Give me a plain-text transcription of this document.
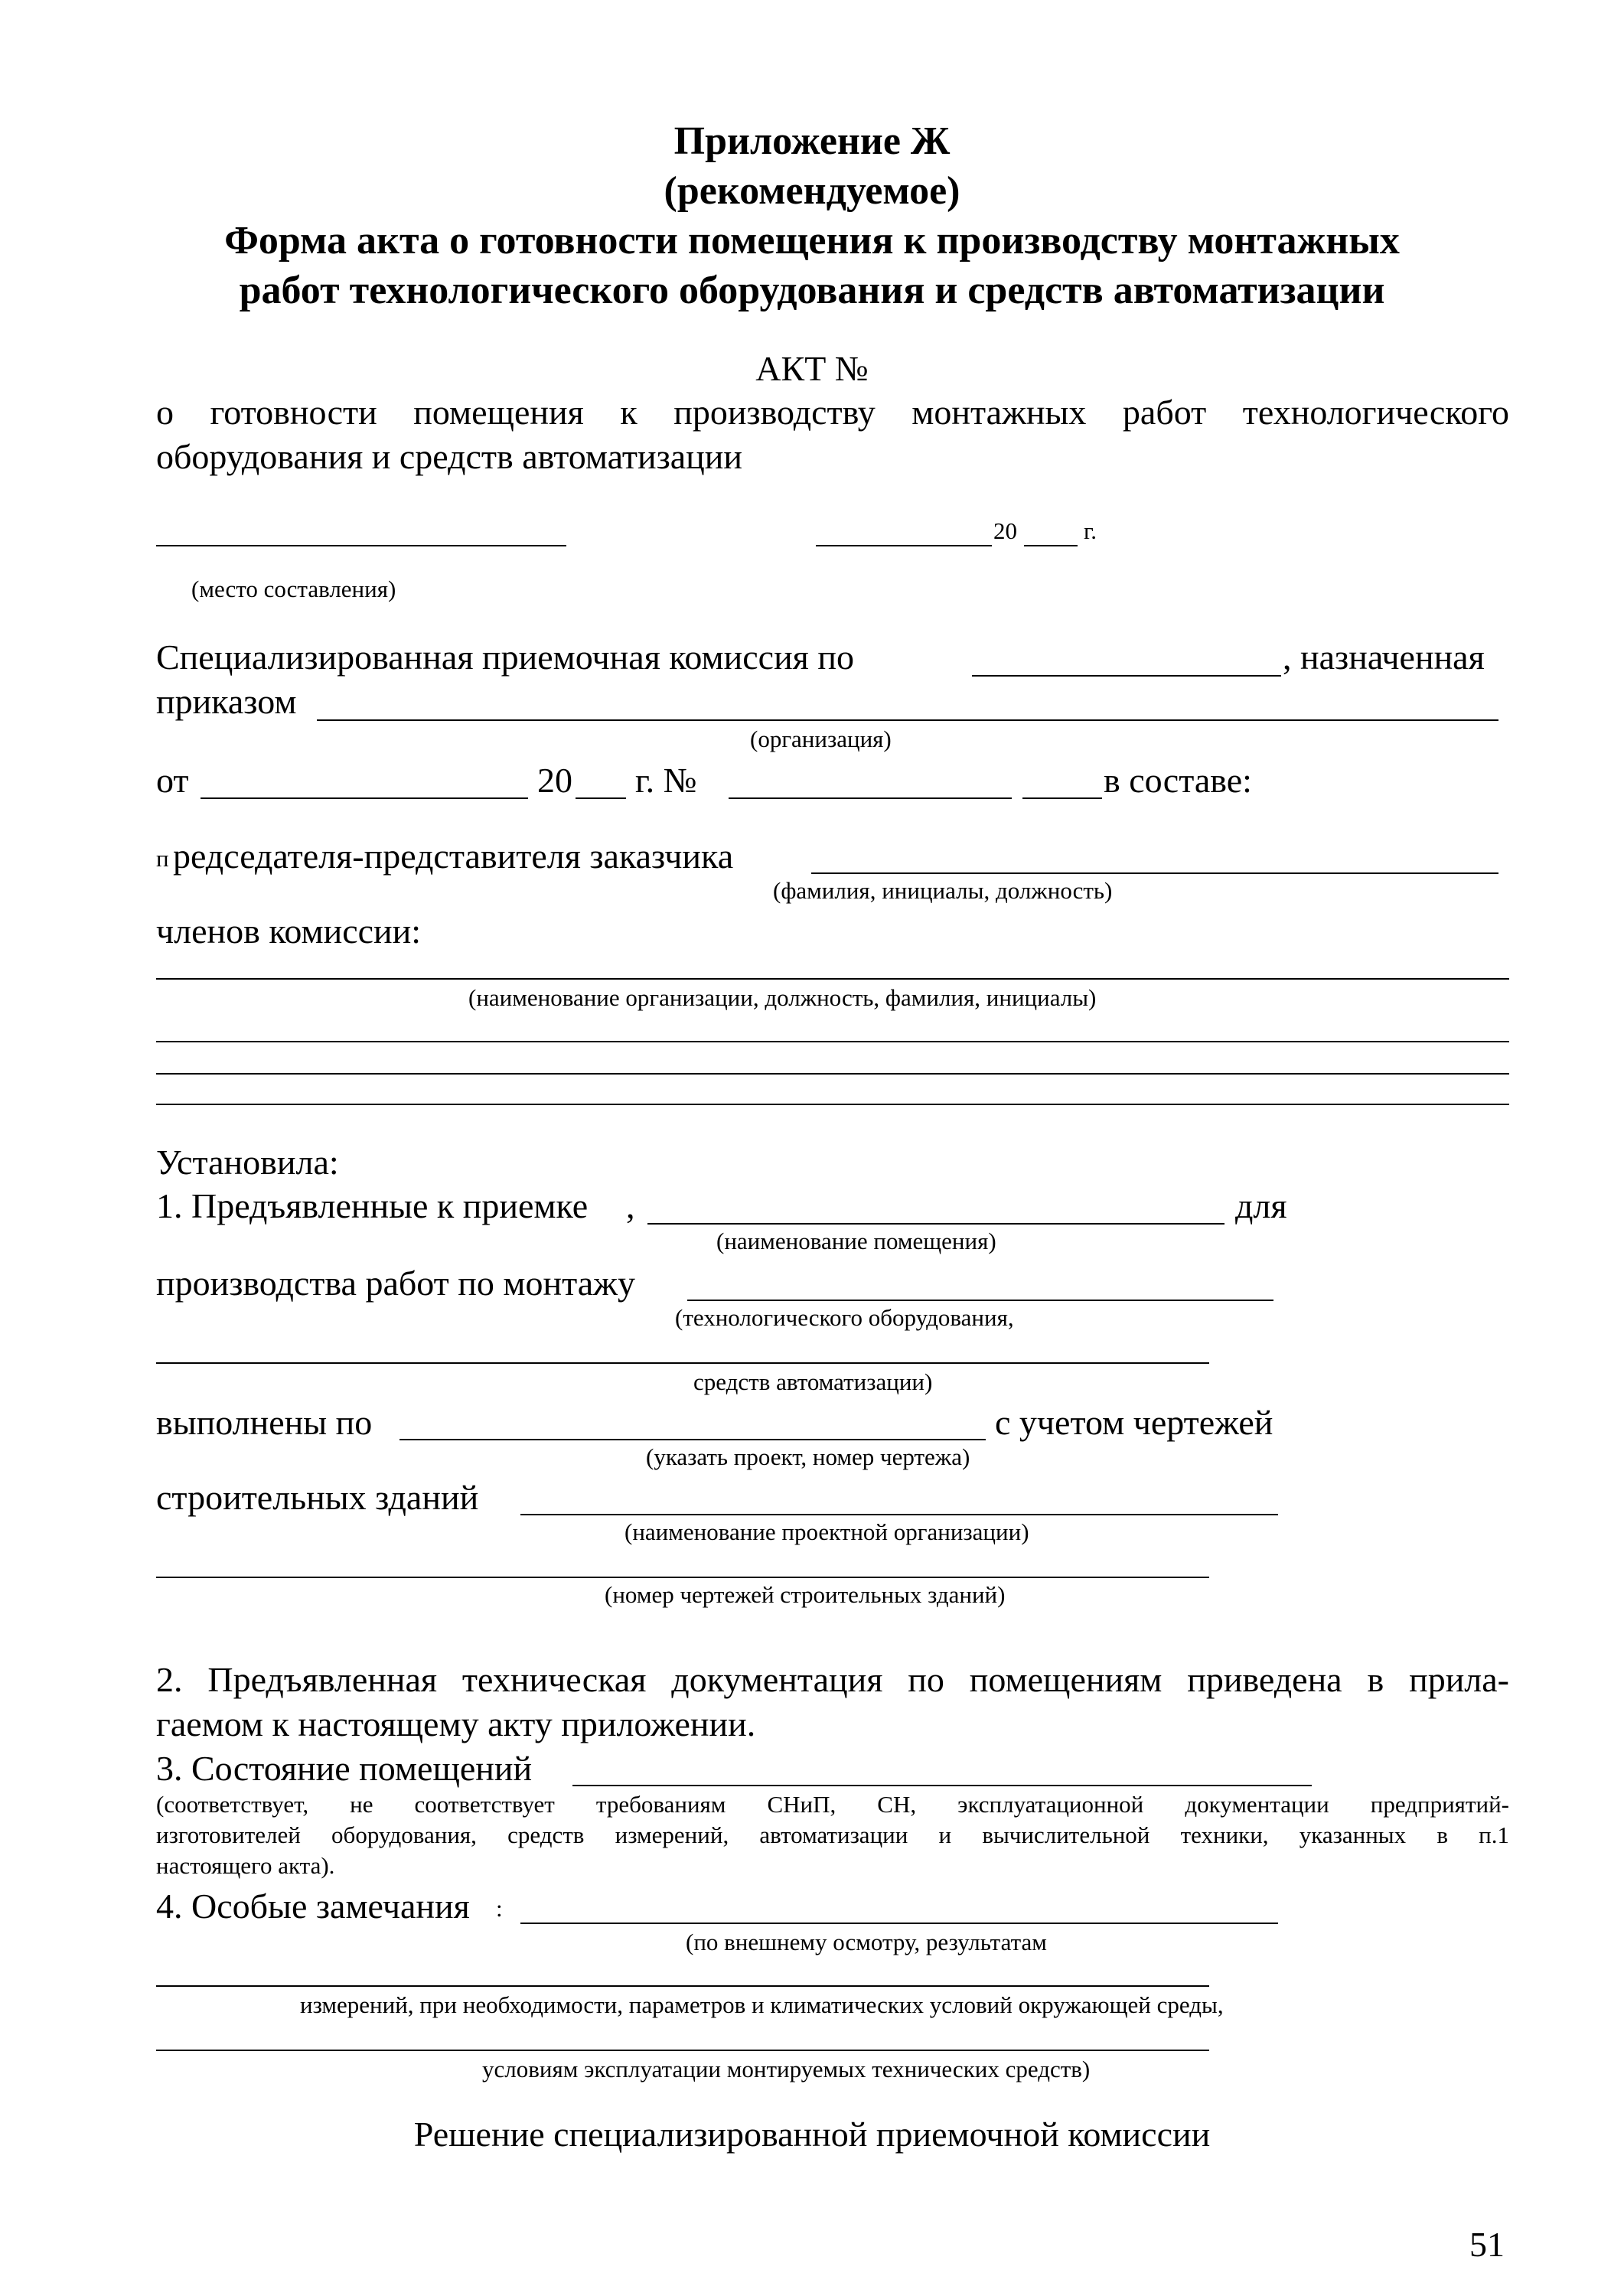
Приложение Ж
(рекомендуемое)
Форма акта о готовности помещения к производству монтажных
работ технологического оборудования и средств автоматизации
АКТ №
о готовности помещения к производству монтажных работ технологического
оборудования и средств автоматизации
20	г.
(место составления)
Специализированная приемочная комиссия по	, назначенная
приказом
(организация)
от	20 г. №	в составе:
п редседателя-представителя заказчика
(фамилия, инициалы, должность)
членов комиссии:
(наименование организации, должность, фамилия, инициалы)
Установила:
1. Предъявленные к приемке ,	для
(наименование помещения)
производства работ по монтажу
(технологического оборудования,
средств автоматизации)
выполнены по	с учетом чертежей
(указать проект, номер чертежа)
строительных зданий
(наименование проектной организации)
(номер чертежей строительных зданий)
2. Предъявленная техническая документация по помещениям приведена в прила-
гаемом к настоящему акту приложении.
3. Состояние помещений
(соответствует, не соответствует требованиям СНиП, СН, эксплуатационной документации предприятий-
изготовителей оборудования, средств измерений, автоматизации и вычислительной техники, указанных в п.1
настоящего акта).
4. Особые замечания :
(по внешнему осмотру, результатам
измерений, при необходимости, параметров и климатических условий окружающей среды,
условиям эксплуатации монтируемых технических средств)
Решение специализированной приемочной комиссии
51
